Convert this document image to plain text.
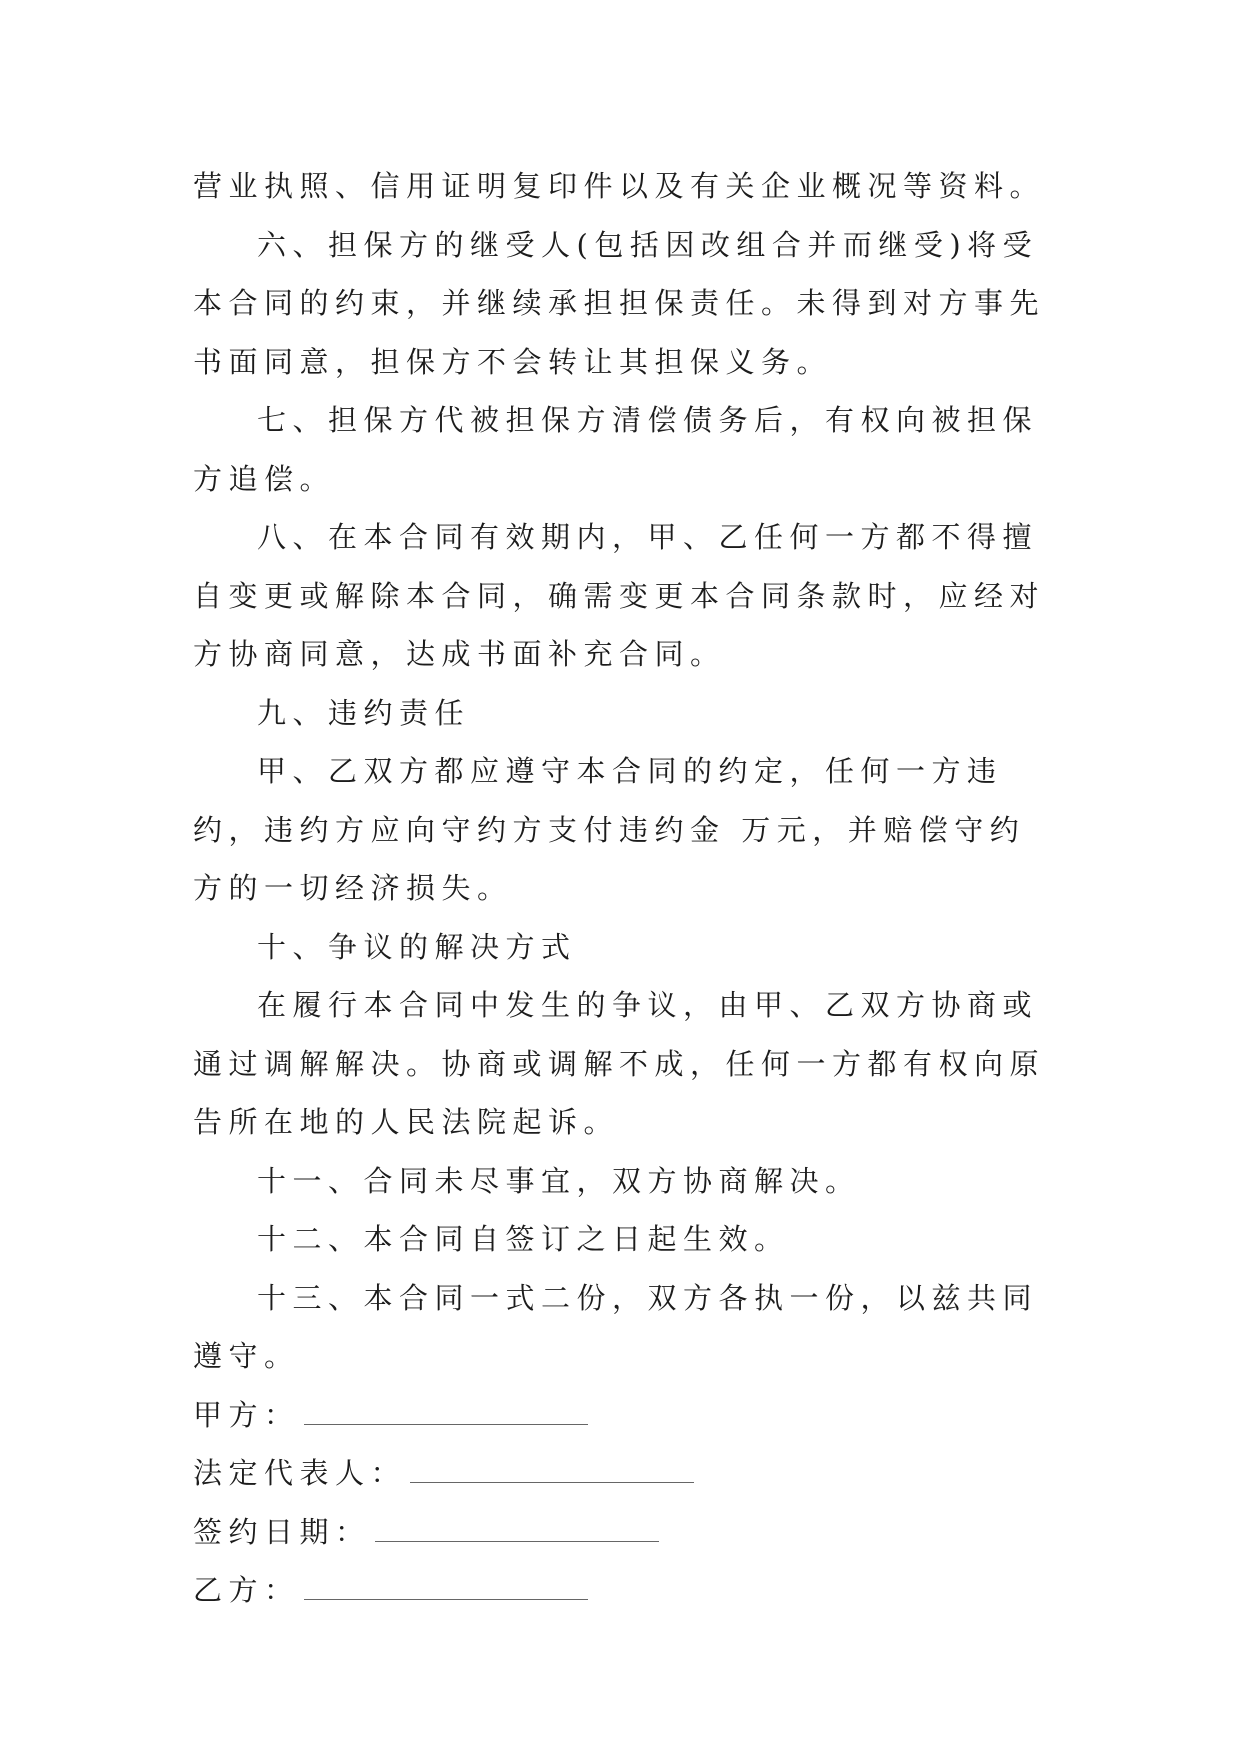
营业执照、信用证明复印件以及有关企业概况等资料。

六、担保方的继受人(包括因改组合并而继受)将受本合同的约束，并继续承担担保责任。未得到对方事先书面同意，担保方不会转让其担保义务。

七、担保方代被担保方清偿债务后，有权向被担保方追偿。

八、在本合同有效期内，甲、乙任何一方都不得擅自变更或解除本合同，确需变更本合同条款时，应经对方协商同意，达成书面补充合同。

九、违约责任

甲、乙双方都应遵守本合同的约定，任何一方违约，违约方应向守约方支付违约金 万元，并赔偿守约方的一切经济损失。

十、争议的解决方式

在履行本合同中发生的争议，由甲、乙双方协商或通过调解解决。协商或调解不成，任何一方都有权向原告所在地的人民法院起诉。

十一、合同未尽事宜，双方协商解决。

十二、本合同自签订之日起生效。

十三、本合同一式二份，双方各执一份，以兹共同遵守。

甲方：

法定代表人：

签约日期：

乙方：
